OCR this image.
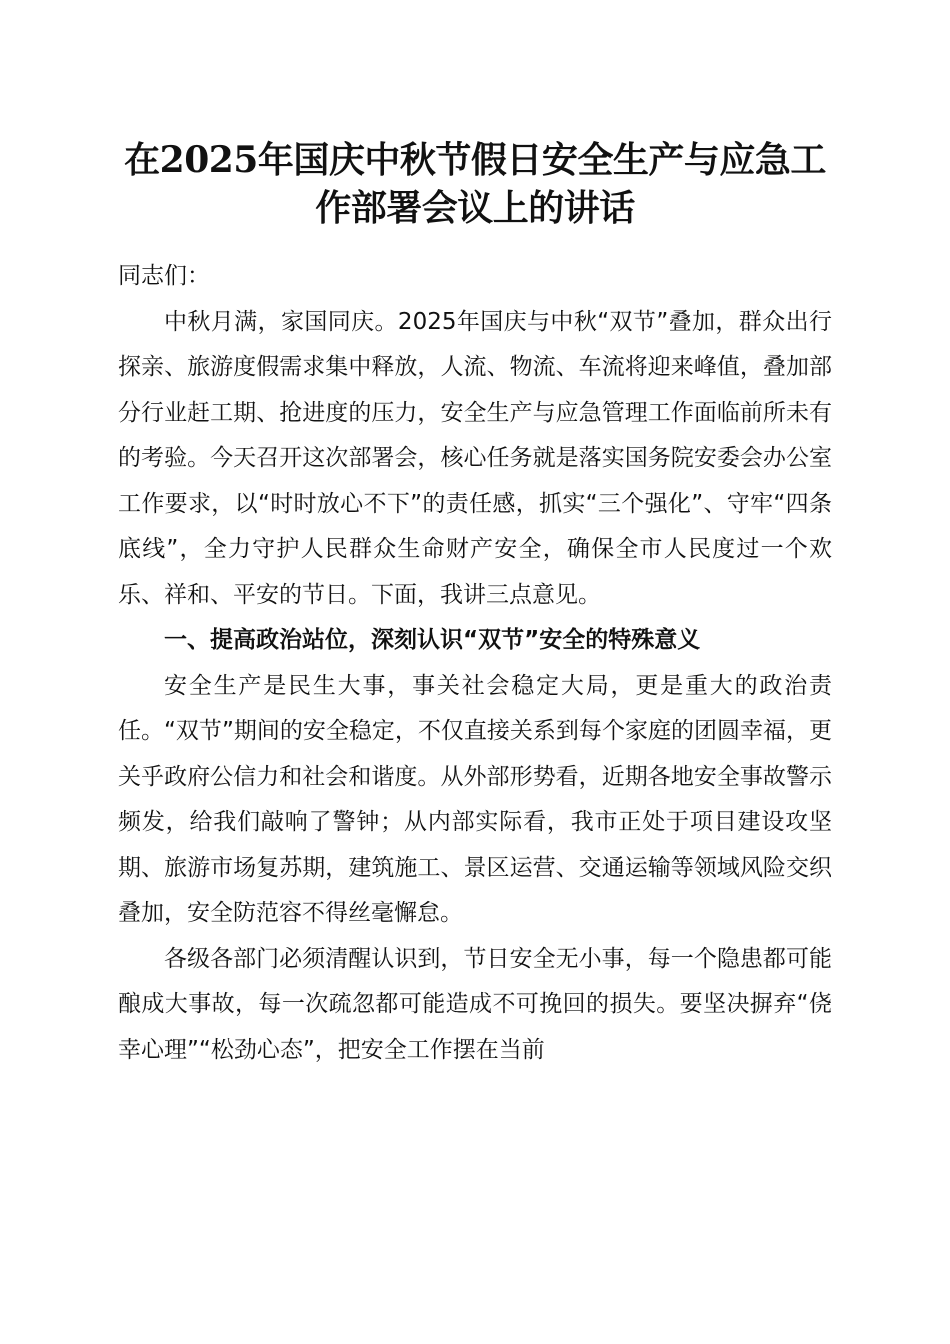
在2025年国庆中秋节假日安全生产与应急工
作部署会议上的讲话

同志们：

中秋月满，家国同庆。2025年国庆与中秋“双节”叠加，群众出行探亲、旅游度假需求集中释放，人流、物流、车流将迎来峰值，叠加部分行业赶工期、抢进度的压力，安全生产与应急管理工作面临前所未有的考验。今天召开这次部署会，核心任务就是落实国务院安委会办公室工作要求，以“时时放心不下”的责任感，抓实“三个强化”、守牢“四条底线”，全力守护人民群众生命财产安全，确保全市人民度过一个欢乐、祥和、平安的节日。下面，我讲三点意见。

一、提高政治站位，深刻认识“双节”安全的特殊意义

安全生产是民生大事，事关社会稳定大局，更是重大的政治责任。“双节”期间的安全稳定，不仅直接关系到每个家庭的团圆幸福，更关乎政府公信力和社会和谐度。从外部形势看，近期各地安全事故警示频发，给我们敲响了警钟；从内部实际看，我市正处于项目建设攻坚期、旅游市场复苏期，建筑施工、景区运营、交通运输等领域风险交织叠加，安全防范容不得丝毫懈怠。

各级各部门必须清醒认识到，节日安全无小事，每一个隐患都可能酿成大事故，每一次疏忽都可能造成不可挽回的损失。要坚决摒弃“侥幸心理”“松劲心态”，把安全工作摆在当前
